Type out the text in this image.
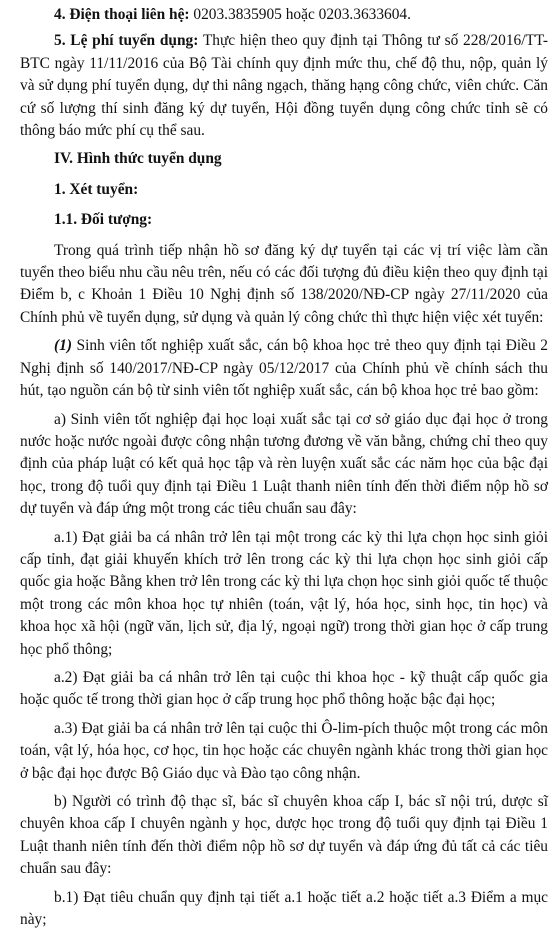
4. Điện thoại liên hệ: 0203.3835905 hoặc 0203.3633604.

5. Lệ phí tuyển dụng: Thực hiện theo quy định tại Thông tư số 228/2016/TT-BTC ngày 11/11/2016 của Bộ Tài chính quy định mức thu, chế độ thu, nộp, quản lý và sử dụng phí tuyển dụng, dự thi nâng ngạch, thăng hạng công chức, viên chức. Căn cứ số lượng thí sinh đăng ký dự tuyển, Hội đồng tuyển dụng công chức tỉnh sẽ có thông báo mức phí cụ thể sau.

IV. Hình thức tuyển dụng

1. Xét tuyển:

1.1. Đối tượng:

Trong quá trình tiếp nhận hồ sơ đăng ký dự tuyển tại các vị trí việc làm cần tuyển theo biểu nhu cầu nêu trên, nếu có các đối tượng đủ điều kiện theo quy định tại Điểm b, c Khoản 1 Điều 10 Nghị định số 138/2020/NĐ-CP ngày 27/11/2020 của Chính phủ về tuyển dụng, sử dụng và quản lý công chức thì thực hiện việc xét tuyển:

(1) Sinh viên tốt nghiệp xuất sắc, cán bộ khoa học trẻ theo quy định tại Điều 2 Nghị định số 140/2017/NĐ-CP ngày 05/12/2017 của Chính phủ về chính sách thu hút, tạo nguồn cán bộ từ sinh viên tốt nghiệp xuất sắc, cán bộ khoa học trẻ bao gồm:

a) Sinh viên tốt nghiệp đại học loại xuất sắc tại cơ sở giáo dục đại học ở trong nước hoặc nước ngoài được công nhận tương đương về văn bằng, chứng chỉ theo quy định của pháp luật có kết quả học tập và rèn luyện xuất sắc các năm học của bậc đại học, trong độ tuổi quy định tại Điều 1 Luật thanh niên tính đến thời điểm nộp hồ sơ dự tuyển và đáp ứng một trong các tiêu chuẩn sau đây:

a.1) Đạt giải ba cá nhân trở lên tại một trong các kỳ thi lựa chọn học sinh giỏi cấp tỉnh, đạt giải khuyến khích trở lên trong các kỳ thi lựa chọn học sinh giỏi cấp quốc gia hoặc Bằng khen trở lên trong các kỳ thi lựa chọn học sinh giỏi quốc tế thuộc một trong các môn khoa học tự nhiên (toán, vật lý, hóa học, sinh học, tin học) và khoa học xã hội (ngữ văn, lịch sử, địa lý, ngoại ngữ) trong thời gian học ở cấp trung học phổ thông;

a.2) Đạt giải ba cá nhân trở lên tại cuộc thi khoa học - kỹ thuật cấp quốc gia hoặc quốc tế trong thời gian học ở cấp trung học phổ thông hoặc bậc đại học;

a.3) Đạt giải ba cá nhân trở lên tại cuộc thi Ô-lim-pích thuộc một trong các môn toán, vật lý, hóa học, cơ học, tin học hoặc các chuyên ngành khác trong thời gian học ở bậc đại học được Bộ Giáo dục và Đào tạo công nhận.

b) Người có trình độ thạc sĩ, bác sĩ chuyên khoa cấp I, bác sĩ nội trú, dược sĩ chuyên khoa cấp I chuyên ngành y học, dược học trong độ tuổi quy định tại Điều 1 Luật thanh niên tính đến thời điểm nộp hồ sơ dự tuyển và đáp ứng đủ tất cả các tiêu chuẩn sau đây:

b.1) Đạt tiêu chuẩn quy định tại tiết a.1 hoặc tiết a.2 hoặc tiết a.3 Điểm a mục này;
